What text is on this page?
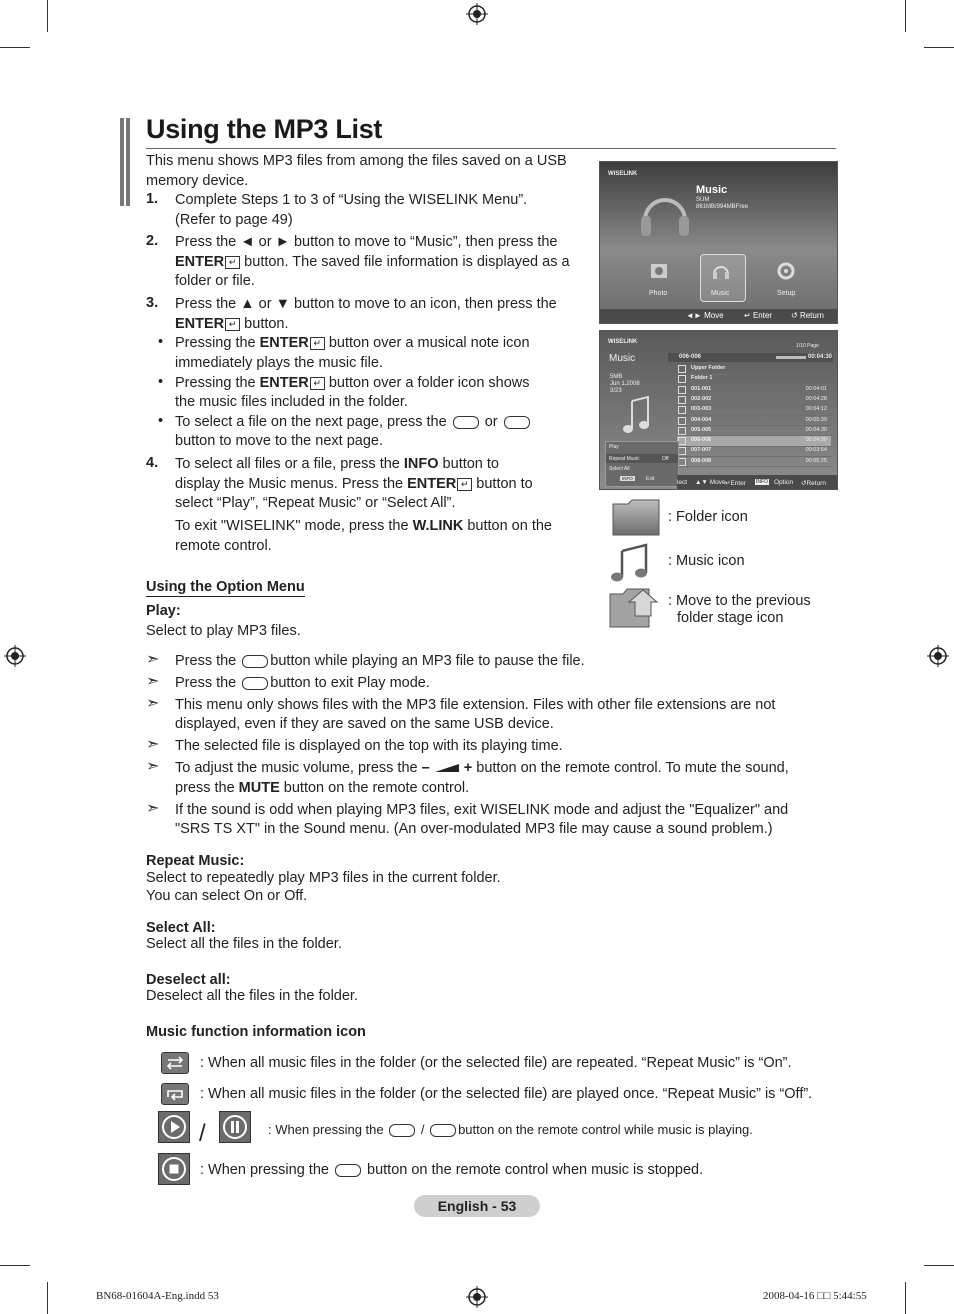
Using the MP3 List
This menu shows MP3 files from among the files saved on a USB memory device.
1. Complete Steps 1 to 3 of “Using the WISELINK Menu”.
(Refer to page 49)
2. Press the ◄ or ► button to move to “Music”, then press the
ENTER ↵ button. The saved file information is displayed as a
folder or file.
3. Press the ▲ or ▼ button to move to an icon, then press the
ENTER ↵ button.
• Pressing the ENTER ↵ button over a musical note icon
immediately plays the music file.
• Pressing the ENTER ↵ button over a folder icon shows
the music files included in the folder.
• To select a file on the next page, press the  or
button to move to the next page.
4. To select all files or a file, press the INFO button to
display the Music menus. Press the ENTER ↵ button to
select “Play”, “Repeat Music” or “Select All”.
To exit "WISELINK" mode, press the W.LINK button on the
remote control.
WISELINK
Music
SUM
861MB/994MBFree
Photo	Music	Setup
◄► Move	↵ Enter ↺ Return
WISELINK
Music
5MB
Jun 1,2008
3/23
1/10 Page
006-006	00:04:30
Upper Folder
Folder 1
001-001	00:04:01
002-002	00:04:28
003-003	00:04:12
004-004	00:05:39
005-005	00:04:30
006-006	00:04:30
007-007	00:03:54
008-008	00:05:25
Play
Repeat Music	Off
Select All
INFO	Exit	lect ▲▼ Move ↵Enter INFO Option ↺Return
: Folder icon
: Music icon
: Move to the previous
folder stage icon
Using the Option Menu
Play:
Select to play MP3 files.
➣ Press the button while playing an MP3 file to pause the file.
➣ Press the button to exit Play mode.
➣ This menu only shows files with the MP3 file extension. Files with other file extensions are not
displayed, even if they are saved on the same USB device.
➣ The selected file is displayed on the top with its playing time.
➣ To adjust the music volume, press the – + button on the remote control. To mute the sound,
press the MUTE button on the remote control.
➣ If the sound is odd when playing MP3 files, exit WISELINK mode and adjust the "Equalizer" and
"SRS TS XT" in the Sound menu. (An over-modulated MP3 file may cause a sound problem.)
Repeat Music:
Select to repeatedly play MP3 files in the current folder.
You can select On or Off.
Select All:
Select all the files in the folder.
Deselect all:
Deselect all the files in the folder.
Music function information icon
: When all music files in the folder (or the selected file) are repeated. “Repeat Music” is “On”.
: When all music files in the folder (or the selected file) are played once. “Repeat Music” is “Off”.
/	: When pressing the  / button on the remote control while music is playing.
: When pressing the  button on the remote control when music is stopped.
English - 53
BN68-01604A-Eng.indd 53	2008-04-16 □□ 5:44:55
